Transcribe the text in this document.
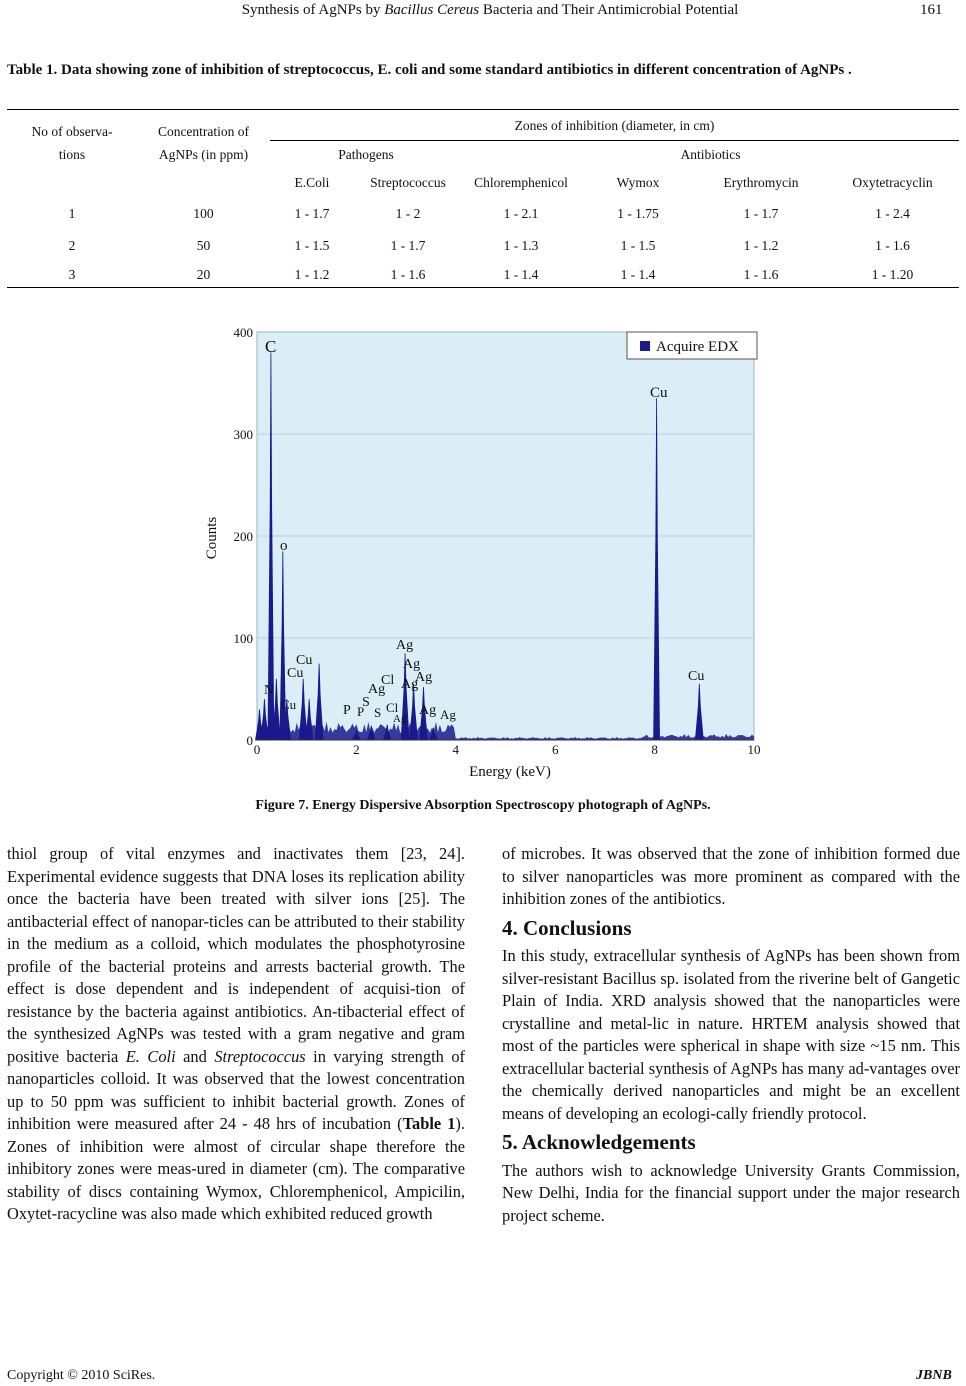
Synthesis of AgNPs by Bacillus Cereus Bacteria and Their Antimicrobial Potential	161
Table 1. Data showing zone of inhibition of streptococcus, E. coli and some standard antibiotics in different concentration of AgNPs .
No of observa-	Concentration of	Zones of inhibition (diameter, in cm)					
tions	AgNPs (in ppm)	Pathogens		Antibiotics			
		E.Coli	Streptococcus	Chloremphenicol	Wymox	Erythromycin	Oxytetracyclin
1	100	1 - 1.7	1 - 2	1 - 2.1	1 - 1.75	1 - 1.7	1 - 2.4
2	50	1 - 1.5	1 - 1.7	1 - 1.3	1 - 1.5	1 - 1.2	1 - 1.6
3	20	1 - 1.2	1 - 1.6	1 - 1.4	1 - 1.4	1 - 1.6	1 - 1.20
C
o
N
Cu
Cu
Cu
P P
S
S
Ag
Cl
Cl
Ag
Ag
Ag
Ag
Ag
Ag Ag
Cu
Cu
0
100
200
300
400
0	2	4	6	8	10
Acquire EDX
Energy (keV)
Counts
Figure 7. Energy Dispersive Absorption Spectroscopy photograph of AgNPs.

thiol group of vital enzymes and inactivates them [23, 24]. Experimental evidence suggests that DNA loses its replication ability once the bacteria have been treated with silver ions [25]. The antibacterial effect of nanopar-ticles can be attributed to their stability in the medium as a colloid, which modulates the phosphotyrosine profile of the bacterial proteins and arrests bacterial growth. The effect is dose dependent and is independent of acquisi-tion of resistance by the bacteria against antibiotics. An-tibacterial effect of the synthesized AgNPs was tested with a gram negative and gram positive bacteria E. Coli and Streptococcus in varying strength of nanoparticles colloid. It was observed that the lowest concentration up to 50 ppm was sufficient to inhibit bacterial growth. Zones of inhibition were measured after 24 - 48 hrs of incubation (Table 1). Zones of inhibition were almost of circular shape therefore the inhibitory zones were meas-ured in diameter (cm). The comparative stability of discs containing Wymox, Chloremphenicol, Ampicilin, Oxytet-racycline was also made which exhibited reduced growth

of microbes. It was observed that the zone of inhibition formed due to silver nanoparticles was more prominent as compared with the inhibition zones of the antibiotics.

4. Conclusions

In this study, extracellular synthesis of AgNPs has been shown from silver-resistant Bacillus sp. isolated from the riverine belt of Gangetic Plain of India. XRD analysis showed that the nanoparticles were crystalline and metal-lic in nature. HRTEM analysis showed that most of the particles were spherical in shape with size ~15 nm. This extracellular bacterial synthesis of AgNPs has many ad-vantages over the chemically derived nanoparticles and might be an excellent means of developing an ecologi-cally friendly protocol.

5. Acknowledgements

The authors wish to acknowledge University Grants Commission, New Delhi, India for the financial support under the major research project scheme.

Copyright © 2010 SciRes.	JBNB
